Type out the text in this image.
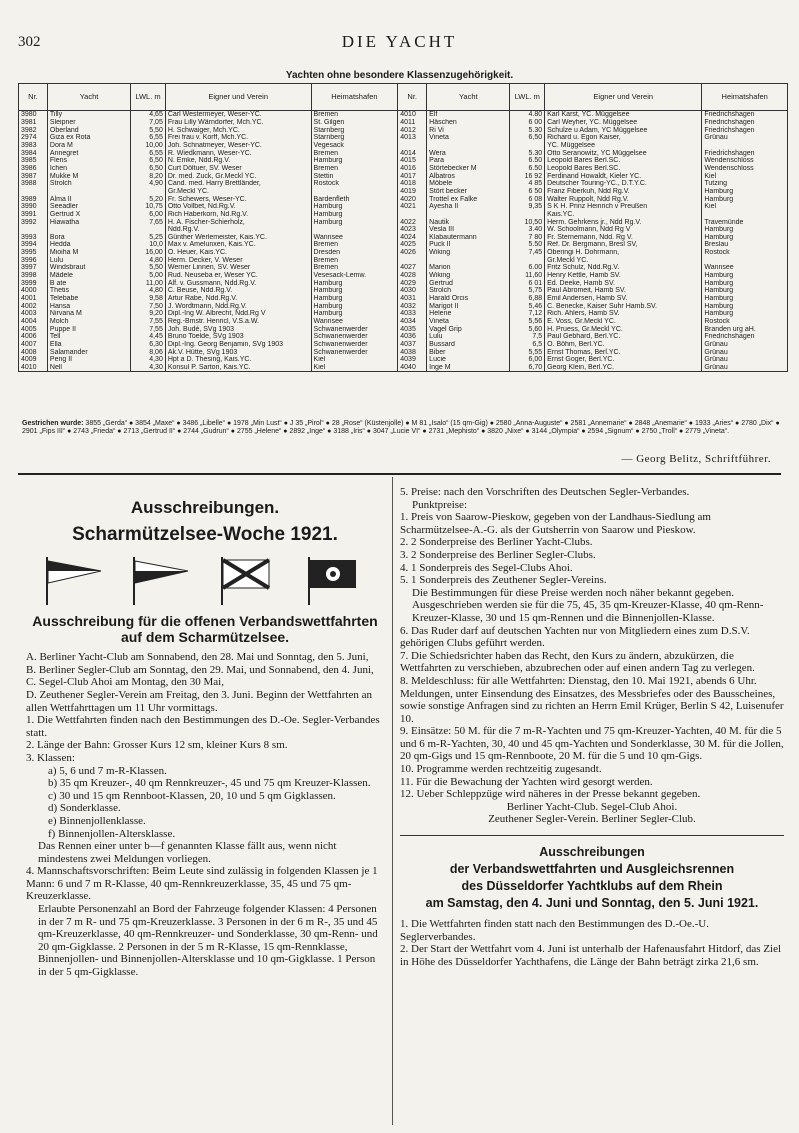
302	DIE YACHT
Yachten ohne besondere Klassenzugehörigkeit.
Nr.	Yacht	LWL. m	Eigner und Verein	Heimatshafen	Nr.	Yacht	LWL. m	Eigner und Verein	Heimatshafen
3980	Tilly	4,65	Carl Westermeyer, Weser-YC.	Bremen	4010	Elf	4.80	Karl Karst, YC. Müggelsee	Friedrichshagen
3981	Sleipner	7,05	Frau Lilly Wärndorfer, Mch.YC.	St. Gilgen	4011	Häschen	6 00	Carl Weyher, YC. Müggelsee	Friedrichshagen
3982	Oberland	5,50	H. Schwaiger, Mch.YC.	Starnberg	4012	Ri Vi	5.30	Schulze u Adam, YC Müggelsee	Friedrichshagen
2974	Giza ex Rota	6,55	Frei frau v. Korff, Mch.YC.	Starnberg	4013	Vineta	6,50	Richard u. Egon Kaiser,	Grünau
3983	Dora M	10,00	Joh. Schnatmeyer, Weser-YC.	Vegesack				YC. Müggelsee	
3984	Annegret	6,55	R. Wiedkmann, Weser-YC.	Bremen	4014	Wera	5.30	Otto Seranowitz, YC Müggelsee	Friedrichshagen
3985	Flens	6,50	N. Emke, Ndd.Rg.V.	Hamburg	4015	Para	6.50	Leopold Bares Berl.SC.	Wendenschloss
3986	Ichen	6,50	Curt Döltuer, SV. Weser	Bremen	4016	Störtebecker M	6.50	Leopold Bares Berl.SC.	Wendenschloss
3987	Mukke M	8,20	Dr. med. Zuck, Gr.Meckl YC.	Stettin	4017	Albatros	16 92	Ferdinand Howaldt, Kieler YC.	Kiel
3988	Strolch	4,90	Cand. med. Harry Brettländer,	Rostock	4018	Möbele	4 85	Deutscher Touring-YC., D.T.Y.C.	Tutzing
			Gr.Meckl YC.		4019	Stört becker	6 50	Franz Fiberkuh, Ndd Rg.V.	Hamburg
3989	Alma II	5,20	Fr. Schewers, Weser-YC.	Bardenfleth	4020	Trottel ex Falke	6 08	Walter Ruppolt, Ndd Rg.V.	Hamburg
3990	Seeadler	10,75	Otto Vollbet, Nd.Rg.V.	Hamburg	4021	Ayesha II	9,35	S K H. Prinz Heinrich v Preußen	Kiel
3991	Gertrud X	6,00	Rich Haberkorn, Nd.Rg.V.	Hamburg				Kais.YC.	
3992	Hiawatha	7,65	H. A. Fischer-Schierholz,	Hamburg	4022	Nautik	10,50	Herm. Gehrkens jr., Ndd Rg.V.	Travemünde
			Ndd.Rg.V.		4023	Vesla III	3.40	W. Schoolmann, Ndd Rg V	Hamburg
3993	Bora	5,25	Günther Werlemeister, Kais.YC.	Wannsee	4024	Klabautermann	7 80	Fr. Sternemann, Ndd. Rg V.	Hamburg
3994	Hedda	10,0	Max v. Amelunxen, Kais.YC.	Bremen	4025	Puck II	5.50	Ref. Dr. Bergmann, Bresl SV,	Breslau
3995	Mioiha M	16,00	O. Heuer, Kais.YC.	Dresden	4026	Wiking	7,45	Oberingi H. Dohrmann,	Rostock
3996	Lulu	4,80	Herm. Decker, V. Weser	Bremen				Gr.Meckl YC.	
3997	Windsbraut	5,50	Werner Linnen, SV. Weser	Bremen	4027	Marion	6.00	Fritz Schulz, Ndd.Rg.V.	Wannsee
3998	Mädele	5,00	Rud. Neuseba er, Weser YC.	Vesesack-Lemw.	4028	Wiking	11,60	Henry Kettle, Hamb SV.	Hamburg
3999	B ate	11,00	Alf. v. Gussmann, Ndd.Rg.V.	Hamburg	4029	Gertrud	6 01	Ed. Deeke, Hamb SV.	Hamburg
4000	Thetis	4,80	C. Beuse, Ndd.Rg.V.	Hamburg	4030	Strolch	5,75	Paul Abromeit, Hamb SV.	Hamburg
4001	Telebabe	9,58	Artur Rabe, Ndd.Rg.V.	Hamburg	4031	Harald Orcis	6,88	Emil Andersen, Hamb SV.	Hamburg
4002	Hansa	7,50	J. Wordtmann, Ndd.Rg.V.	Hamburg	4032	Marigot II	5,46	C. Benecke, Kaiser Suhr Hamb.SV.	Hamburg
4003	Nirvana M	9,20	Dipl.-Ing W. Albrecht, Ndd.Rg V	Hamburg	4033	Helene	7,12	Rich. Ahlers, Hamb SV.	Hamburg
4004	Molch	7,55	Reg.-Bmstr. Henricl, V.S.a.W.	Wannsee	4034	Vineta	5,56	E. Voss, Gr.Meckl YC.	Rostock
4005	Puppe II	7,55	Joh. Budé, SVg 1903	Schwanenwerder	4035	Vagel Grip	5,60	H. Pruess, Gr.Meckl YC.	Branden urg aH.
4006	Tell	4,45	Bruno Toelde, SVg 1903	Schwanenwerder	4036	Lulu	7,5	Paul Gebhard, Berl.YC.	Friedrichshagen
4007	Ella	6,30	Dipl.-Ing. Georg Benjamin, SVg 1903	Schwanenwerder	4037	Bussard	6,5	O. Böhm, Berl.YC.	Grünau
4008	Salamander	8,06	Ak.V. Hütte, SVg 1903	Schwanenwerder	4038	Biber	5,55	Ernst Thomas, Berl.YC.	Grünau
4009	Peng II	4,30	Hpt a D. Thesing, Kais.YC.	Kiel	4039	Lucie	6,00	Ernst Goger, Berl.YC.	Grünau
4010	Nell	4,30	Konsul P. Sartori, Kais.YC.	Kiel	4040	Inge M	6,70	Georg Klein, Berl.YC.	Grünau
Gestrichen wurde: 3855 „Gerda“ ● 3854 „Maxe“ ● 3486 „Libelle“ ● 1978 „Min Lust“ ● J 35 „Pirol“ ● 28 „Rose“ (Küstenjolle) ● M 81 „Isalo“ (15 qm-Gig) ● 2580 „Anna-Auguste“ ● 2581 „Annemarie“ ● 2848 „Anemarie“ ● 1933 „Aries“ ● 2780 „Dix“ ● 2901 „Fips III“ ● 2743 „Frieda“ ● 2713 „Gertrud II“ ● 2744 „Gudrun“ ● 2755 „Helene“ ● 2892 „Inge“ ● 3188 „Iris“ ● 3047 „Lucie VI“ ● 2731 „Mephisto“ ● 3820 „Nixe“ ● 3144 „Olympia“ ● 2594 „Signum“ ● 2750 „Troll“ ● 2779 „Vineta“.
— Georg Belitz, Schriftführer.
Ausschreibungen.
Scharmützelsee-Woche 1921.
Ausschreibung für die offenen Verbandswettfahrten auf dem Scharmützelsee.

A. Berliner Yacht-Club am Sonnabend, den 28. Mai und Sonntag, den 5. Juni,

B. Berliner Segler-Club am Sonntag, den 29. Mai, und Sonnabend, den 4. Juni,

C. Segel-Club Ahoi am Montag, den 30 Mai,

D. Zeuthener Segler-Verein am Freitag, den 3. Juni. Beginn der Wettfahrten an allen Wettfahrttagen um 11 Uhr vormittags.

1. Die Wettfahrten finden nach den Bestimmungen des D.-Oe. Segler-Verbandes statt.

2. Länge der Bahn: Grosser Kurs 12 sm, kleiner Kurs 8 sm.

3. Klassen:

a) 5, 6 und 7 m-R-Klassen.

b) 35 qm Kreuzer-, 40 qm Rennkreuzer-, 45 und 75 qm Kreuzer-Klassen.

c) 30 und 15 qm Rennboot-Klassen, 20, 10 und 5 qm Gigklassen.

d) Sonderklasse.

e) Binnenjollenklasse.

f) Binnenjollen-Altersklasse.

Das Rennen einer unter b—f genannten Klasse fällt aus, wenn nicht mindestens zwei Meldungen vorliegen.

4. Mannschaftsvorschriften: Beim Leute sind zulässig in folgenden Klassen je 1 Mann: 6 und 7 m R-Klasse, 40 qm-Rennkreuzerklasse, 35, 45 und 75 qm-Kreuzerklasse.

Erlaubte Personenzahl an Bord der Fahrzeuge folgender Klassen: 4 Personen in der 7 m R- und 75 qm-Kreuzerklasse. 3 Personen in der 6 m R-, 35 und 45 qm-Kreuzerklasse, 40 qm-Rennkreuzer- und Sonderklasse, 30 qm-Renn- und 20 qm-Gigklasse. 2 Personen in der 5 m R-Klasse, 15 qm-Rennklasse, Binnenjollen- und Binnenjollen-Altersklasse und 10 qm-Gigklasse. 1 Person in der 5 qm-Gigklasse.

5. Preise: nach den Vorschriften des Deutschen Segler-Verbandes.

Punktpreise:

1. Preis von Saarow-Pieskow, gegeben von der Landhaus-Siedlung am Scharmützelsee-A.-G. als der Gutsherrin von Saarow und Pieskow.

2. 2 Sonderpreise des Berliner Yacht-Clubs.

3. 2 Sonderpreise des Berliner Segler-Clubs.

4. 1 Sonderpreis des Segel-Clubs Ahoi.

5. 1 Sonderpreis des Zeuthener Segler-Vereins.

Die Bestimmungen für diese Preise werden noch näher bekannt gegeben. Ausgeschrieben werden sie für die 75, 45, 35 qm-Kreuzer-Klasse, 40 qm-Renn-Kreuzer-Klasse, 30 und 15 qm-Rennen und die Binnenjollen-Klasse.

6. Das Ruder darf auf deutschen Yachten nur von Mitgliedern eines zum D.S.V. gehörigen Clubs geführt werden.

7. Die Schiedsrichter haben das Recht, den Kurs zu ändern, abzukürzen, die Wettfahrten zu verschieben, abzubrechen oder auf einen andern Tag zu verlegen.

8. Meldeschluss: für alle Wettfahrten: Dienstag, den 10. Mai 1921, abends 6 Uhr. Meldungen, unter Einsendung des Einsatzes, des Messbriefes oder des Bausscheines, sowie sonstige Anfragen sind zu richten an Herrn Emil Krüger, Berlin S 42, Luisenufer 10.

9. Einsätze: 50 M. für die 7 m-R-Yachten und 75 qm-Kreuzer-Yachten, 40 M. für die 5 und 6 m-R-Yachten, 30, 40 und 45 qm-Yachten und Sonderklasse, 30 M. für die Jollen, 20 qm-Gigs und 15 qm-Rennboote, 20 M. für die 5 und 10 qm-Gigs.

10. Programme werden rechtzeitig zugesandt.

11. Für die Bewachung der Yachten wird gesorgt werden.

12. Ueber Schleppzüge wird näheres in der Presse bekannt gegeben.

Berliner Yacht-Club. Segel-Club Ahoi.

Zeuthener Segler-Verein. Berliner Segler-Club.

Ausschreibungen
der Verbandswettfahrten und Ausgleichsrennen
des Düsseldorfer Yachtklubs auf dem Rhein
am Samstag, den 4. Juni und Sonntag, den 5. Juni 1921.

1. Die Wettfahrten finden statt nach den Bestimmungen des D.-Oe.-U. Seglerverbandes.

2. Der Start der Wettfahrt vom 4. Juni ist unterhalb der Hafenausfahrt Hitdorf, das Ziel in Höhe des Düsseldorfer Yachthafens, die Länge der Bahn beträgt zirka 21,6 sm.
